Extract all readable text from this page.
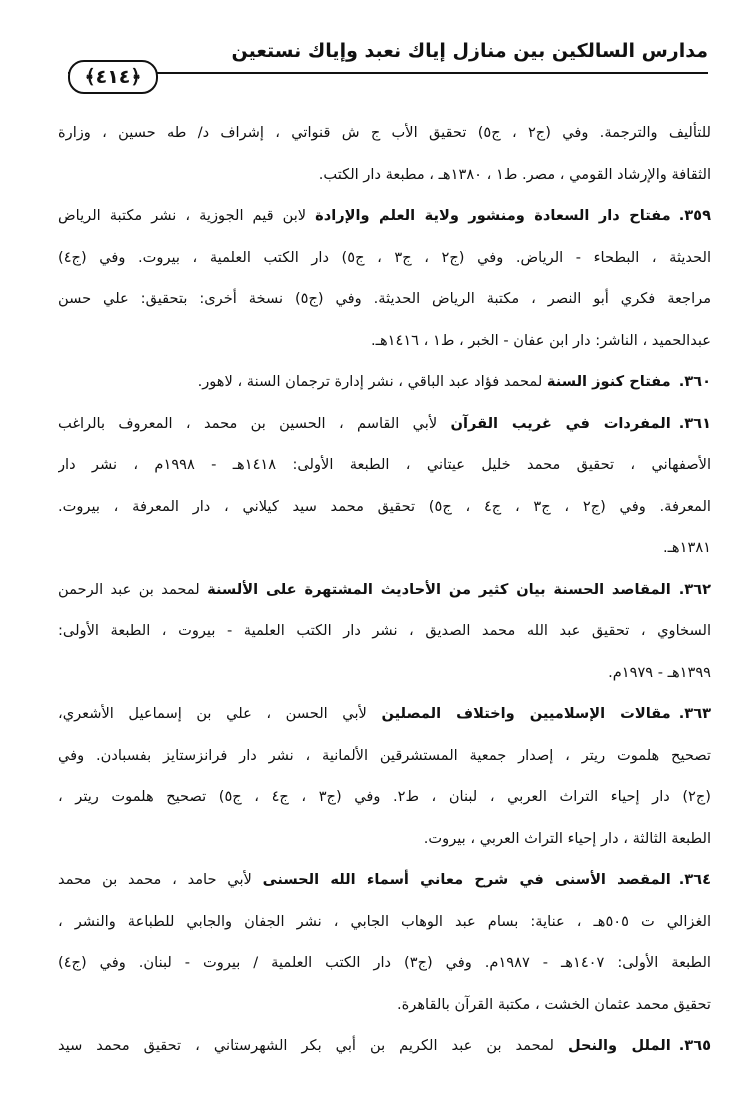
مدارس السالكين بين منازل إياك نعبد وإياك نستعين
﴿٤١٤﴾
للتأليف والترجمة. وفي (ج٢ ، ج٥) تحقيق الأب ج ش قنواتي ، إشراف د/ طه حسين ، وزارة
الثقافة والإرشاد القومي ، مصر. ط١ ، ١٣٨٠هـ ، مطبعة دار الكتب.
٣٥٩.مفتاح دار السعادة ومنشور ولاية العلم والإرادة لابن قيم الجوزية ، نشر مكتبة الرياض
الحديثة ، البطحاء - الرياض. وفي (ج٢ ، ج٣ ، ج٥) دار الكتب العلمية ، بيروت. وفي (ج٤)
مراجعة فكري أبو النصر ، مكتبة الرياض الحديثة. وفي (ج٥) نسخة أخرى: بتحقيق: علي حسن
عبدالحميد ، الناشر: دار ابن عفان - الخبر ، ط١ ، ١٤١٦هـ.
٣٦٠.مفتاح كنوز السنة لمحمد فؤاد عبد الباقي ، نشر إدارة ترجمان السنة ، لاهور.
٣٦١.المفردات في غريب القرآن لأبي القاسم ، الحسين بن محمد ، المعروف بالراغب
الأصفهاني ، تحقيق محمد خليل عيتاني ، الطبعة الأولى: ١٤١٨هـ - ١٩٩٨م ، نشر دار
المعرفة. وفي (ج٢ ، ج٣ ، ج٤ ، ج٥) تحقيق محمد سيد كيلاني ، دار المعرفة ، بيروت.
١٣٨١هـ.
٣٦٢.المقاصد الحسنة بيان كثير من الأحاديث المشتهرة على الألسنة لمحمد بن عبد الرحمن
السخاوي ، تحقيق عبد الله محمد الصديق ، نشر دار الكتب العلمية - بيروت ، الطبعة الأولى:
١٣٩٩هـ - ١٩٧٩م.
٣٦٣.مقالات الإسلاميين واختلاف المصلين لأبي الحسن ، علي بن إسماعيل الأشعري،
تصحيح هلموت ريتر ، إصدار جمعية المستشرقين الألمانية ، نشر دار فرانزستايز بفسبادن. وفي
(ج٢) دار إحياء التراث العربي ، لبنان ، ط٢. وفي (ج٣ ، ج٤ ، ج٥) تصحيح هلموت ريتر ،
الطبعة الثالثة ، دار إحياء التراث العربي ، بيروت.
٣٦٤.المقصد الأسنى في شرح معاني أسماء الله الحسنى لأبي حامد ، محمد بن محمد
الغزالي ت ٥٠٥هـ ، عناية: بسام عبد الوهاب الجابي ، نشر الجفان والجابي للطباعة والنشر ،
الطبعة الأولى: ١٤٠٧هـ - ١٩٨٧م. وفي (ج٣) دار الكتب العلمية / بيروت - لبنان. وفي (ج٤)
تحقيق محمد عثمان الخشت ، مكتبة القرآن بالقاهرة.
٣٦٥.الملل والنحل لمحمد بن عبد الكريم بن أبي بكر الشهرستاني ، تحقيق محمد سيد
